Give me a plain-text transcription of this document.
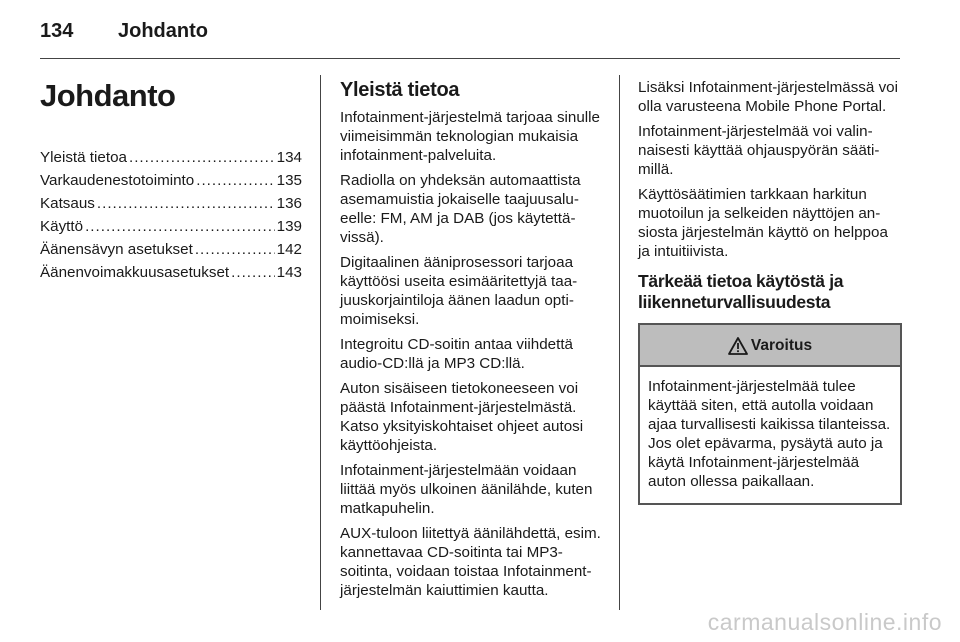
134 Johdanto
Johdanto
Yleistä tietoa .....	134
Varkaudenestotoiminto .....	135
Katsaus .....	136
Käyttö .....	139
Äänensävyn asetukset .....	142
Äänenvoimakkuusasetukset .....	143
Yleistä tietoa

Infotainment-järjestelmä tarjoaa sinulle viimeisimmän teknologian mukaisia infotainment-palveluita.

Radiolla on yhdeksän automaattista asemamuistia jokaiselle taajuusalueelle: FM, AM ja DAB (jos käytettävissä).

Digitaalinen ääniprosessori tarjoaa käyttöösi useita esimääritettyjä taajuuskorjaintiloja äänen laadun optimoimiseksi.

Integroitu CD-soitin antaa viihdettä audio-CD:llä ja MP3 CD:llä.

Auton sisäiseen tietokoneeseen voi päästä Infotainment-järjestelmästä. Katso yksityiskohtaiset ohjeet autosi käyttöohjeista.

Infotainment-järjestelmään voidaan liittää myös ulkoinen äänilähde, kuten matkapuhelin.

AUX-tuloon liitettyä äänilähdettä, esim. kannettavaa CD-soitinta tai MP3-soitinta, voidaan toistaa Infotainment-järjestelmän kaiuttimien kautta.

Lisäksi Infotainment-järjestelmässä voi olla varusteena Mobile Phone Portal.

Infotainment-järjestelmää voi valinnaisesti käyttää ohjauspyörän säätimillä.

Käyttösäätimien tarkkaan harkitun muotoilun ja selkeiden näyttöjen ansiosta järjestelmän käyttö on helppoa ja intuitiivista.

Tärkeää tietoa käytöstä ja liikenneturvallisuudesta
Varoitus
Infotainment-järjestelmää tulee käyttää siten, että autolla voidaan ajaa turvallisesti kaikissa tilanteissa. Jos olet epävarma, pysäytä auto ja käytä Infotainment-järjestelmää auton ollessa paikallaan.
carmanualsonline.info
